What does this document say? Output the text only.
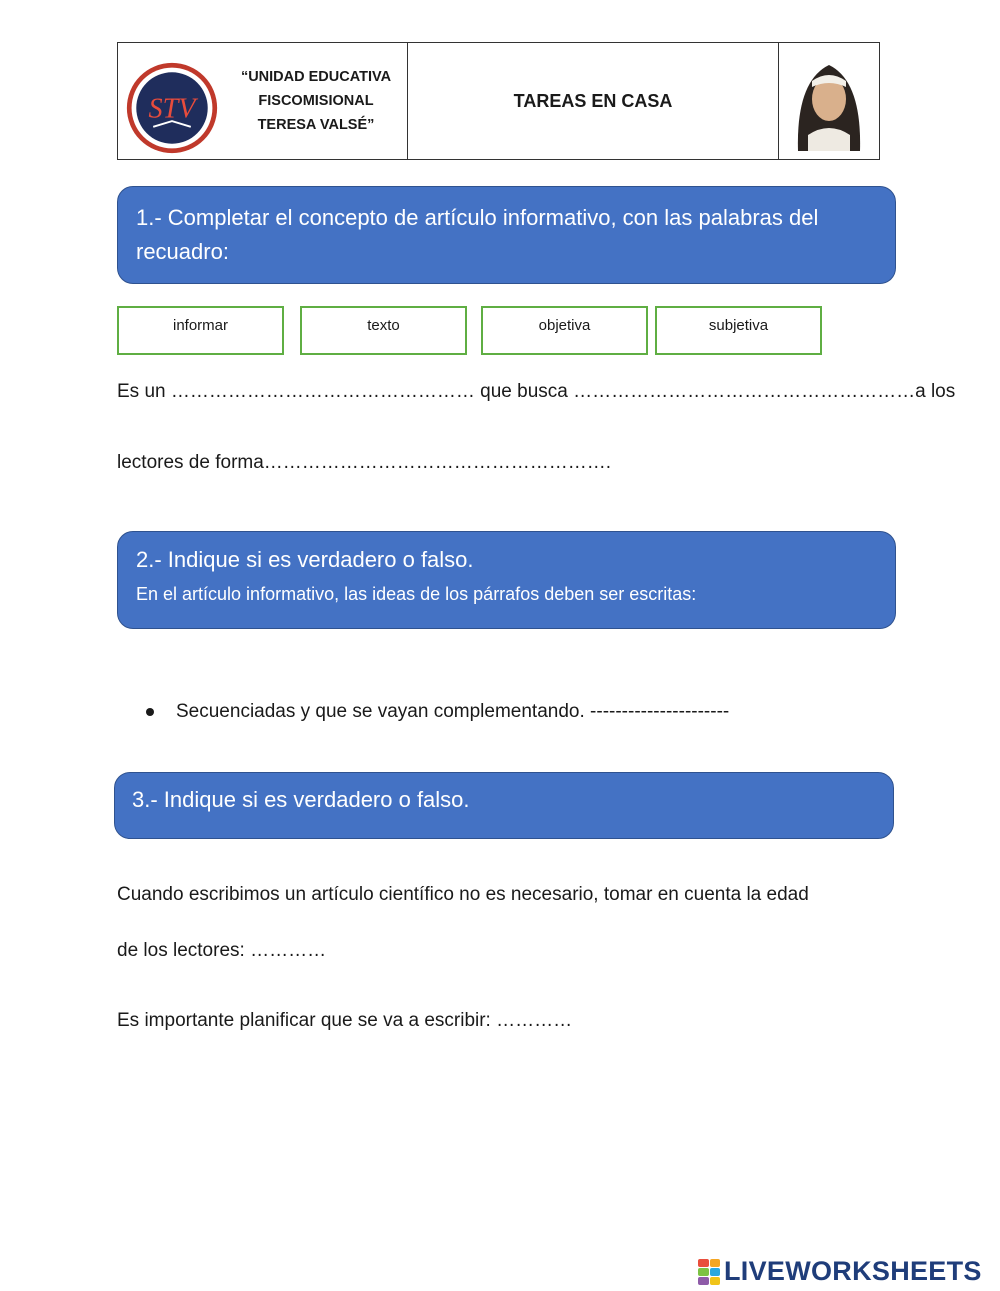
STV
“UNIDAD EDUCATIVA FISCOMISIONAL TERESA VALSÉ”
TAREAS EN CASA
1.- Completar el concepto de artículo informativo, con las palabras del recuadro:
informar	texto	objetiva	subjetiva
Es un ………………………………………… que busca ………………………………………………a los
lectores de forma……………………………………………….
2.- Indique si es verdadero o falso.
En el artículo informativo, las ideas de los párrafos deben ser escritas:
Secuenciadas y que se vayan complementando. ----------------------
3.- Indique si es verdadero o falso.
Cuando escribimos un artículo científico no es necesario, tomar en cuenta la edad
de los lectores: …………
Es importante planificar que se va a escribir: …………
LIVEWORKSHEETS
